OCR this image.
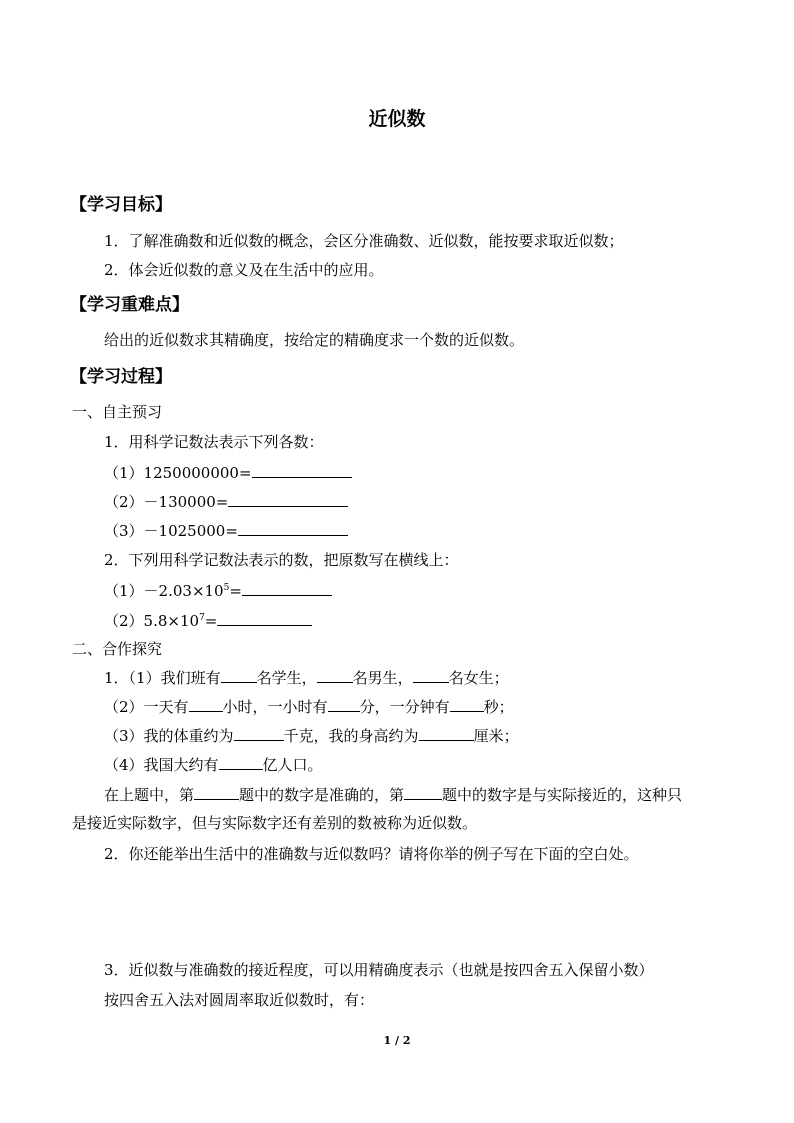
近似数
【学习目标】
1．了解准确数和近似数的概念，会区分准确数、近似数，能按要求取近似数；
2．体会近似数的意义及在生活中的应用。
【学习重难点】
给出的近似数求其精确度，按给定的精确度求一个数的近似数。
【学习过程】
一、自主预习
1．用科学记数法表示下列各数：
（1）1250000000=
（2）－130000=
（3）－1025000=
2．下列用科学记数法表示的数，把原数写在横线上：
$(1)-2.03\times 10^5=$
$(2)5.8\times 10^7=$
二、合作探究
1．（1）我们班有 名学生， 名男生， 名女生；
（2）一天有 小时，一小时有 分，一分钟有 秒；
（3）我的体重约为	千克，我的身高约为	厘米；
（4）我国大约有	亿人口。
在上题中，第	题中的数字是准确的，第	题中的数字是与实际接近的，这种只
是接近实际数字，但与实际数字还有差别的数被称为近似数。
2．你还能举出生活中的准确数与近似数吗？请将你举的例子写在下面的空白处。
3．近似数与准确数的接近程度，可以用精确度表示（也就是按四舍五入保留小数）
按四舍五入法对圆周率取近似数时，有：
1 / 2
